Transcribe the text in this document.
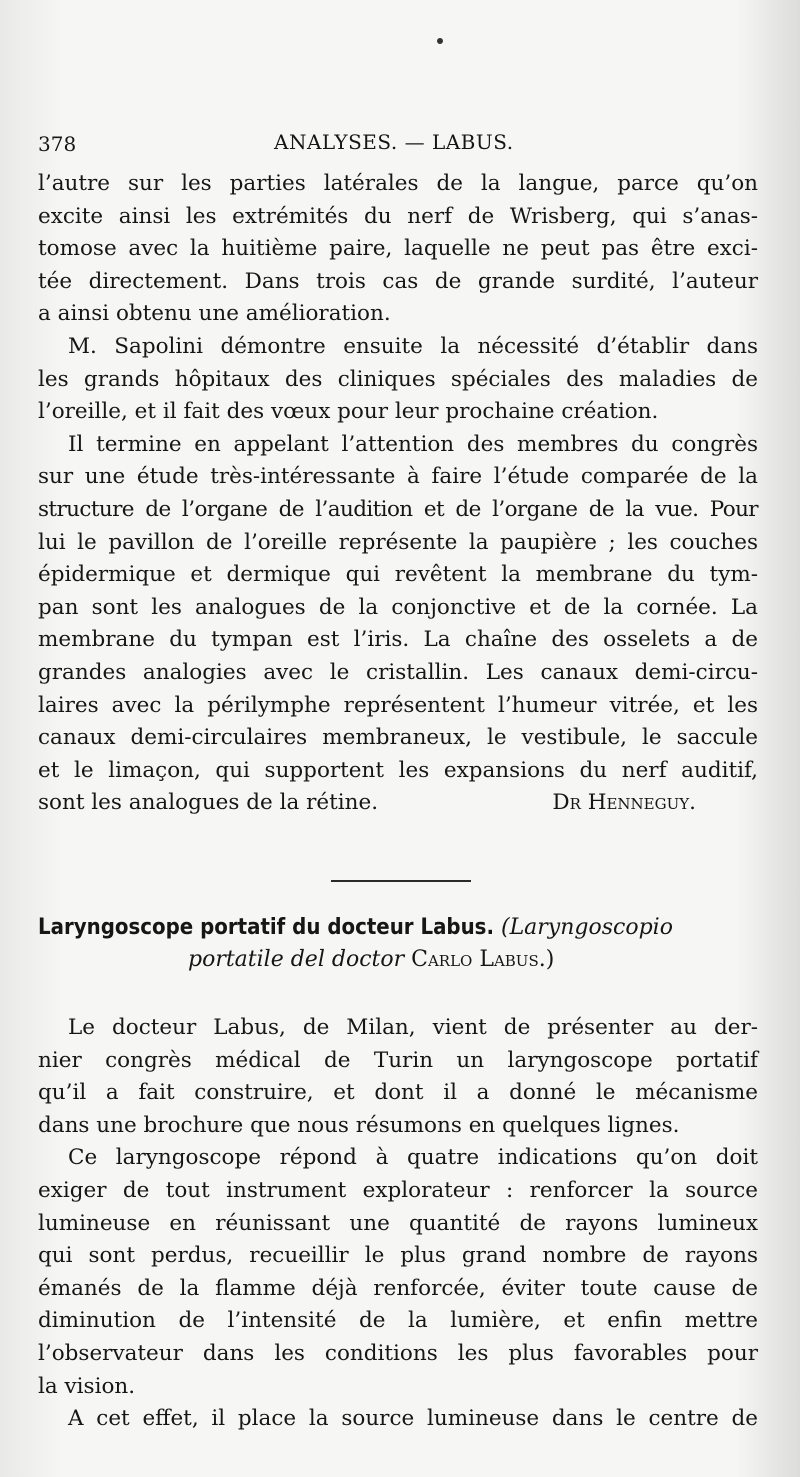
378	ANALYSES. — LABUS.
l’autre sur les parties latérales de la langue, parce qu’on
excite ainsi les extrémités du nerf de Wrisberg, qui s’anas-
tomose avec la huitième paire, laquelle ne peut pas être exci-
tée directement. Dans trois cas de grande surdité, l’auteur
a ainsi obtenu une amélioration.
M. Sapolini démontre ensuite la nécessité d’établir dans
les grands hôpitaux des cliniques spéciales des maladies de
l’oreille, et il fait des vœux pour leur prochaine création.
Il termine en appelant l’attention des membres du congrès
sur une étude très-intéressante à faire l’étude comparée de la
structure de l’organe de l’audition et de l’organe de la vue. Pour
lui le pavillon de l’oreille représente la paupière ; les couches
épidermique et dermique qui revêtent la membrane du tym-
pan sont les analogues de la conjonctive et de la cornée. La
membrane du tympan est l’iris. La chaîne des osselets a de
grandes analogies avec le cristallin. Les canaux demi-circu-
laires avec la périlymphe représentent l’humeur vitrée, et les
canaux demi-circulaires membraneux, le vestibule, le saccule
et le limaçon, qui supportent les expansions du nerf auditif,
sont les analogues de la rétine.	Dr Henneguy.
Laryngoscope portatif du docteur Labus. (Laryngoscopio
portatile del doctor Carlo Labus.)
Le docteur Labus, de Milan, vient de présenter au der-
nier congrès médical de Turin un laryngoscope portatif
qu’il a fait construire, et dont il a donné le mécanisme
dans une brochure que nous résumons en quelques lignes.
Ce laryngoscope répond à quatre indications qu’on doit
exiger de tout instrument explorateur : renforcer la source
lumineuse en réunissant une quantité de rayons lumineux
qui sont perdus, recueillir le plus grand nombre de rayons
émanés de la flamme déjà renforcée, éviter toute cause de
diminution de l’intensité de la lumière, et enfin mettre
l’observateur dans les conditions les plus favorables pour
la vision.
A cet effet, il place la source lumineuse dans le centre de
